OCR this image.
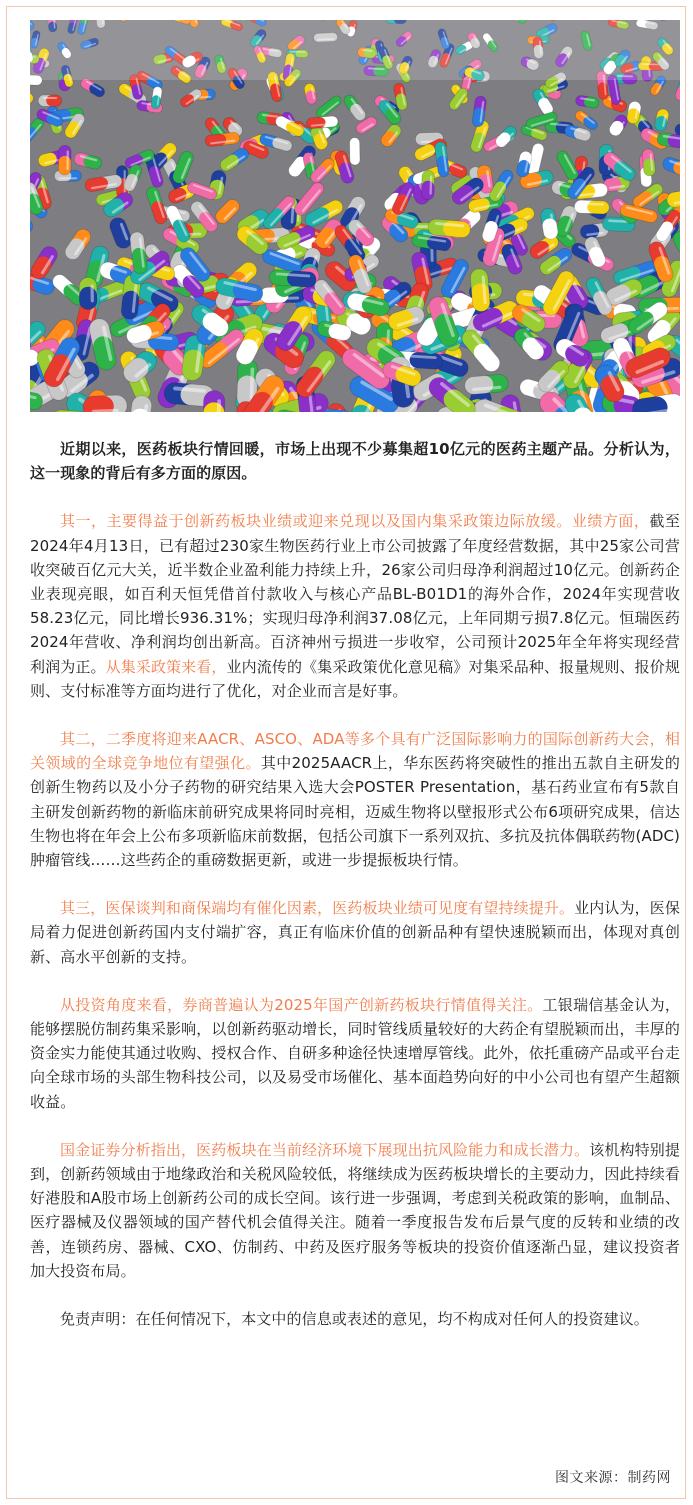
近期以来，医药板块行情回暖，市场上出现不少募集超10亿元的医药主题产品。分析认为，这一现象的背后有多方面的原因。

其一，主要得益于创新药板块业绩或迎来兑现以及国内集采政策边际放缓。业绩方面，截至2024年4月13日，已有超过230家生物医药行业上市公司披露了年度经营数据，其中25家公司营收突破百亿元大关，近半数企业盈利能力持续上升，26家公司归母净利润超过10亿元。创新药企业表现亮眼，如百利天恒凭借首付款收入与核心产品BL-B01D1的海外合作，2024年实现营收58.23亿元，同比增长936.31%；实现归母净利润37.08亿元，上年同期亏损7.8亿元。恒瑞医药2024年营收、净利润均创出新高。百济神州亏损进一步收窄，公司预计2025年全年将实现经营利润为正。从集采政策来看，业内流传的《集采政策优化意见稿》对集采品种、报量规则、报价规则、支付标准等方面均进行了优化，对企业而言是好事。

其二，二季度将迎来AACR、ASCO、ADA等多个具有广泛国际影响力的国际创新药大会，相关领域的全球竞争地位有望强化。其中2025AACR上，华东医药将突破性的推出五款自主研发的创新生物药以及小分子药物的研究结果入选大会POSTER Presentation，基石药业宣布有5款自主研发创新药物的新临床前研究成果将同时亮相，迈威生物将以壁报形式公布6项研究成果，信达生物也将在年会上公布多项新临床前数据，包括公司旗下一系列双抗、多抗及抗体偶联药物(ADC)肿瘤管线……这些药企的重磅数据更新，或进一步提振板块行情。

其三，医保谈判和商保端均有催化因素，医药板块业绩可见度有望持续提升。业内认为，医保局着力促进创新药国内支付端扩容，真正有临床价值的创新品种有望快速脱颖而出，体现对真创新、高水平创新的支持。

从投资角度来看，券商普遍认为2025年国产创新药板块行情值得关注。工银瑞信基金认为，能够摆脱仿制药集采影响，以创新药驱动增长，同时管线质量较好的大药企有望脱颖而出，丰厚的资金实力能使其通过收购、授权合作、自研多种途径快速增厚管线。此外，依托重磅产品或平台走向全球市场的头部生物科技公司，以及易受市场催化、基本面趋势向好的中小公司也有望产生超额收益。

国金证券分析指出，医药板块在当前经济环境下展现出抗风险能力和成长潜力。该机构特别提到，创新药领域由于地缘政治和关税风险较低，将继续成为医药板块增长的主要动力，因此持续看好港股和A股市场上创新药公司的成长空间。该行进一步强调，考虑到关税政策的影响，血制品、医疗器械及仪器领域的国产替代机会值得关注。随着一季度报告发布后景气度的反转和业绩的改善，连锁药房、器械、CXO、仿制药、中药及医疗服务等板块的投资价值逐渐凸显，建议投资者加大投资布局。

免责声明：在任何情况下，本文中的信息或表述的意见，均不构成对任何人的投资建议。

图文来源：制药网
